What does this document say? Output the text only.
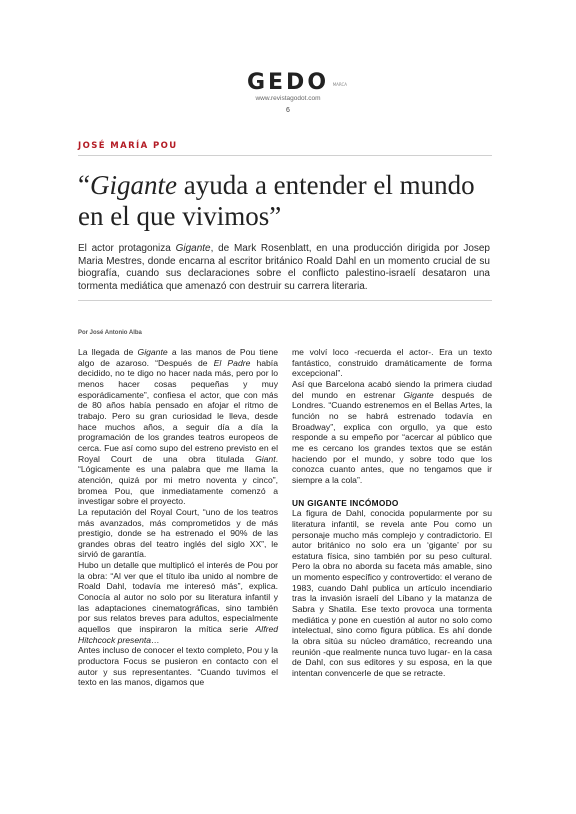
GEDO MARCA
www.revistagodot.com
6
JOSÉ MARÍA POU
“Gigante ayuda a entender el mundo en el que vivimos”

El actor protagoniza Gigante, de Mark Rosenblatt, en una producción dirigida por Josep Maria Mestres, donde encarna al escritor británico Roald Dahl en un momento crucial de su biografía, cuando sus declaraciones sobre el conflicto palestino-israelí desataron una tormenta mediática que amenazó con destruir su carrera literaria.

Por José Antonio Alba

La llegada de Gigante a las manos de Pou tiene algo de azaroso. “Después de El Padre había decidido, no te digo no hacer nada más, pero por lo menos hacer cosas pequeñas y muy esporádicamente”, confiesa el actor, que con más de 80 años había pensado en afojar el ritmo de trabajo. Pero su gran curiosidad le lleva, desde hace muchos años, a seguir día a día la programación de los grandes teatros europeos de cerca. Fue así como supo del estreno previsto en el Royal Court de una obra titulada Giant. “Lógicamente es una palabra que me llama la atención, quizá por mi metro noventa y cinco”, bromea Pou, que inmediatamente comenzó a investigar sobre el proyecto.

La reputación del Royal Court, “uno de los teatros más avanzados, más comprometidos y de más prestigio, donde se ha estrenado el 90% de las grandes obras del teatro inglés del siglo XX”, le sirvió de garantía.

Hubo un detalle que multiplicó el interés de Pou por la obra: “Al ver que el título iba unido al nombre de Roald Dahl, todavía me interesó más”, explica. Conocía al autor no solo por su literatura infantil y las adaptaciones cinematográficas, sino también por sus relatos breves para adultos, especialmente aquellos que inspiraron la mítica serie Alfred Hitchcock presenta…

Antes incluso de conocer el texto completo, Pou y la productora Focus se pusieron en contacto con el autor y sus representantes. “Cuando tuvimos el texto en las manos, digamos que

me volví loco -recuerda el actor-. Era un texto fantástico, construido dramáticamente de forma excepcional”.

Así que Barcelona acabó siendo la primera ciudad del mundo en estrenar Gigante después de Londres. “Cuando estrenemos en el Bellas Artes, la función no se habrá estrenado todavía en Broadway”, explica con orgullo, ya que esto responde a su empeño por “acercar al público que me es cercano los grandes textos que se están haciendo por el mundo, y sobre todo que los conozca cuanto antes, que no tengamos que ir siempre a la cola”.

UN GIGANTE INCÓMODO

La figura de Dahl, conocida popularmente por su literatura infantil, se revela ante Pou como un personaje mucho más complejo y contradictorio. El autor británico no solo era un ‘gigante’ por su estatura física, sino también por su peso cultural. Pero la obra no aborda su faceta más amable, sino un momento específico y controvertido: el verano de 1983, cuando Dahl publica un artículo incendiario tras la invasión israelí del Líbano y la matanza de Sabra y Shatila. Ese texto provoca una tormenta mediática y pone en cuestión al autor no solo como intelectual, sino como figura pública. Es ahí donde la obra sitúa su núcleo dramático, recreando una reunión -que realmente nunca tuvo lugar- en la casa de Dahl, con sus editores y su esposa, en la que intentan convencerle de que se retracte.
